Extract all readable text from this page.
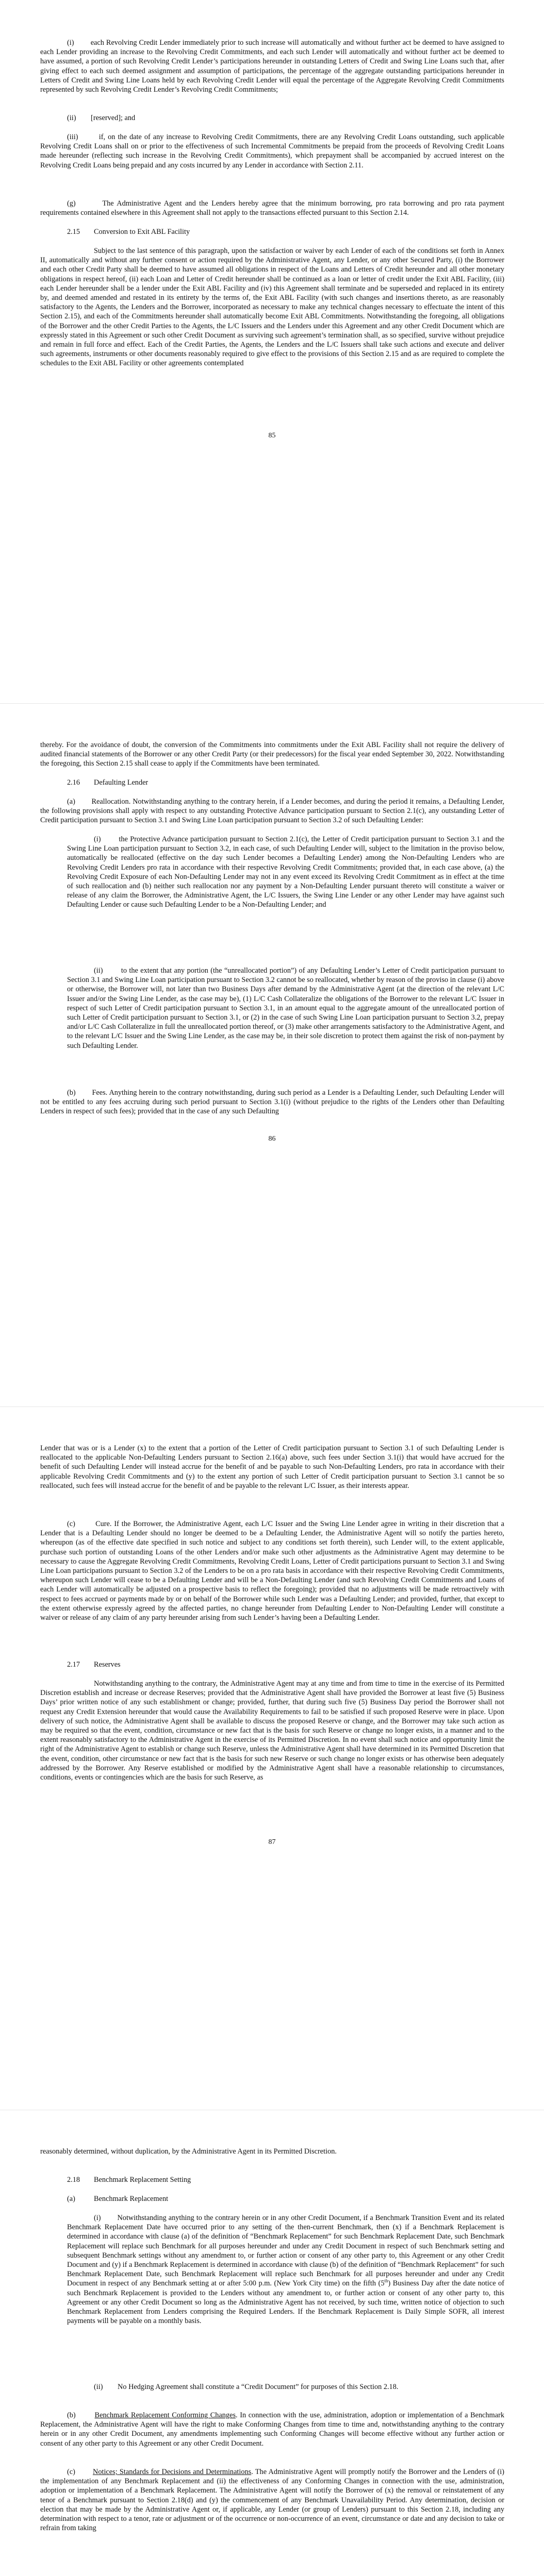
(i)        each Revolving Credit Lender immediately prior to such increase will automatically and without further act be deemed to have assigned to each Lender providing an increase to the Revolving Credit Commitments, and each such Lender will automatically and without further act be deemed to have assumed, a portion of such Revolving Credit Lender’s participations hereunder in outstanding Letters of Credit and Swing Line Loans such that, after giving effect to each such deemed assignment and assumption of participations, the percentage of the aggregate outstanding participations hereunder in Letters of Credit and Swing Line Loans held by each Revolving Credit Lender will equal the percentage of the Aggregate Revolving Credit Commitments represented by such Revolving Credit Lender’s Revolving Credit Commitments;

(ii)        [reserved]; and

(iii)        if, on the date of any increase to Revolving Credit Commitments, there are any Revolving Credit Loans outstanding, such applicable Revolving Credit Loans shall on or prior to the effectiveness of such Incremental Commitments be prepaid from the proceeds of Revolving Credit Loans made hereunder (reflecting such increase in the Revolving Credit Commitments), which prepayment shall be accompanied by accrued interest on the Revolving Credit Loans being prepaid and any costs incurred by any Lender in accordance with Section 2.11.

(g)        The Administrative Agent and the Lenders hereby agree that the minimum borrowing, pro rata borrowing and pro rata payment requirements contained elsewhere in this Agreement shall not apply to the transactions effected pursuant to this Section 2.14.

2.15 Conversion to Exit ABL Facility

Subject to the last sentence of this paragraph, upon the satisfaction or waiver by each Lender of each of the conditions set forth in Annex II, automatically and without any further consent or action required by the Administrative Agent, any Lender, or any other Secured Party, (i) the Borrower and each other Credit Party shall be deemed to have assumed all obligations in respect of the Loans and Letters of Credit hereunder and all other monetary obligations in respect hereof, (ii) each Loan and Letter of Credit hereunder shall be continued as a loan or letter of credit under the Exit ABL Facility, (iii) each Lender hereunder shall be a lender under the Exit ABL Facility and (iv) this Agreement shall terminate and be superseded and replaced in its entirety by, and deemed amended and restated in its entirety by the terms of, the Exit ABL Facility (with such changes and insertions thereto, as are reasonably satisfactory to the Agents, the Lenders and the Borrower, incorporated as necessary to make any technical changes necessary to effectuate the intent of this Section 2.15), and each of the Commitments hereunder shall automatically become Exit ABL Commitments. Notwithstanding the foregoing, all obligations of the Borrower and the other Credit Parties to the Agents, the L/C Issuers and the Lenders under this Agreement and any other Credit Document which are expressly stated in this Agreement or such other Credit Document as surviving such agreement’s termination shall, as so specified, survive without prejudice and remain in full force and effect. Each of the Credit Parties, the Agents, the Lenders and the L/C Issuers shall take such actions and execute and deliver such agreements, instruments or other documents reasonably required to give effect to the provisions of this Section 2.15 and as are required to complete the schedules to the Exit ABL Facility or other agreements contemplated

85

thereby. For the avoidance of doubt, the conversion of the Commitments into commitments under the Exit ABL Facility shall not require the delivery of audited financial statements of the Borrower or any other Credit Party (or their predecessors) for the fiscal year ended September 30, 2022. Notwithstanding the foregoing, this Section 2.15 shall cease to apply if the Commitments have been terminated.

2.16 Defaulting Lender

(a)        Reallocation. Notwithstanding anything to the contrary herein, if a Lender becomes, and during the period it remains, a Defaulting Lender, the following provisions shall apply with respect to any outstanding Protective Advance participation pursuant to Section 2.1(c), any outstanding Letter of Credit participation pursuant to Section 3.1 and Swing Line Loan participation pursuant to Section 3.2 of such Defaulting Lender:

(i)        the Protective Advance participation pursuant to Section 2.1(c), the Letter of Credit participation pursuant to Section 3.1 and the Swing Line Loan participation pursuant to Section 3.2, in each case, of such Defaulting Lender will, subject to the limitation in the proviso below, automatically be reallocated (effective on the day such Lender becomes a Defaulting Lender) among the Non-Defaulting Lenders who are Revolving Credit Lenders pro rata in accordance with their respective Revolving Credit Commitments; provided that, in each case above, (a) the Revolving Credit Exposure of each Non-Defaulting Lender may not in any event exceed its Revolving Credit Commitment as in effect at the time of such reallocation and (b) neither such reallocation nor any payment by a Non-Defaulting Lender pursuant thereto will constitute a waiver or release of any claim the Borrower, the Administrative Agent, the L/C Issuers, the Swing Line Lender or any other Lender may have against such Defaulting Lender or cause such Defaulting Lender to be a Non-Defaulting Lender; and

(ii)        to the extent that any portion (the “unreallocated portion”) of any Defaulting Lender’s Letter of Credit participation pursuant to Section 3.1 and Swing Line Loan participation pursuant to Section 3.2 cannot be so reallocated, whether by reason of the proviso in clause (i) above or otherwise, the Borrower will, not later than two Business Days after demand by the Administrative Agent (at the direction of the relevant L/C Issuer and/or the Swing Line Lender, as the case may be), (1) L/C Cash Collateralize the obligations of the Borrower to the relevant L/C Issuer in respect of such Letter of Credit participation pursuant to Section 3.1, in an amount equal to the aggregate amount of the unreallocated portion of such Letter of Credit participation pursuant to Section 3.1, or (2) in the case of such Swing Line Loan participation pursuant to Section 3.2, prepay and/or L/C Cash Collateralize in full the unreallocated portion thereof, or (3) make other arrangements satisfactory to the Administrative Agent, and to the relevant L/C Issuer and the Swing Line Lender, as the case may be, in their sole discretion to protect them against the risk of non-payment by such Defaulting Lender.

(b)        Fees. Anything herein to the contrary notwithstanding, during such period as a Lender is a Defaulting Lender, such Defaulting Lender will not be entitled to any fees accruing during such period pursuant to Section 3.1(i) (without prejudice to the rights of the Lenders other than Defaulting Lenders in respect of such fees); provided that in the case of any such Defaulting

86

Lender that was or is a Lender (x) to the extent that a portion of the Letter of Credit participation pursuant to Section 3.1 of such Defaulting Lender is reallocated to the applicable Non-Defaulting Lenders pursuant to Section 2.16(a) above, such fees under Section 3.1(i) that would have accrued for the benefit of such Defaulting Lender will instead accrue for the benefit of and be payable to such Non-Defaulting Lenders, pro rata in accordance with their applicable Revolving Credit Commitments and (y) to the extent any portion of such Letter of Credit participation pursuant to Section 3.1 cannot be so reallocated, such fees will instead accrue for the benefit of and be payable to the relevant L/C Issuer, as their interests appear.

(c)        Cure. If the Borrower, the Administrative Agent, each L/C Issuer and the Swing Line Lender agree in writing in their discretion that a Lender that is a Defaulting Lender should no longer be deemed to be a Defaulting Lender, the Administrative Agent will so notify the parties hereto, whereupon (as of the effective date specified in such notice and subject to any conditions set forth therein), such Lender will, to the extent applicable, purchase such portion of outstanding Loans of the other Lenders and/or make such other adjustments as the Administrative Agent may determine to be necessary to cause the Aggregate Revolving Credit Commitments, Revolving Credit Loans, Letter of Credit participations pursuant to Section 3.1 and Swing Line Loan participations pursuant to Section 3.2 of the Lenders to be on a pro rata basis in accordance with their respective Revolving Credit Commitments, whereupon such Lender will cease to be a Defaulting Lender and will be a Non-Defaulting Lender (and such Revolving Credit Commitments and Loans of each Lender will automatically be adjusted on a prospective basis to reflect the foregoing); provided that no adjustments will be made retroactively with respect to fees accrued or payments made by or on behalf of the Borrower while such Lender was a Defaulting Lender; and provided, further, that except to the extent otherwise expressly agreed by the affected parties, no change hereunder from Defaulting Lender to Non-Defaulting Lender will constitute a waiver or release of any claim of any party hereunder arising from such Lender’s having been a Defaulting Lender.

2.17 Reserves

Notwithstanding anything to the contrary, the Administrative Agent may at any time and from time to time in the exercise of its Permitted Discretion establish and increase or decrease Reserves; provided that the Administrative Agent shall have provided the Borrower at least five (5) Business Days’ prior written notice of any such establishment or change; provided, further, that during such five (5) Business Day period the Borrower shall not request any Credit Extension hereunder that would cause the Availability Requirements to fail to be satisfied if such proposed Reserve were in place. Upon delivery of such notice, the Administrative Agent shall be available to discuss the proposed Reserve or change, and the Borrower may take such action as may be required so that the event, condition, circumstance or new fact that is the basis for such Reserve or change no longer exists, in a manner and to the extent reasonably satisfactory to the Administrative Agent in the exercise of its Permitted Discretion. In no event shall such notice and opportunity limit the right of the Administrative Agent to establish or change such Reserve, unless the Administrative Agent shall have determined in its Permitted Discretion that the event, condition, other circumstance or new fact that is the basis for such new Reserve or such change no longer exists or has otherwise been adequately addressed by the Borrower. Any Reserve established or modified by the Administrative Agent shall have a reasonable relationship to circumstances, conditions, events or contingencies which are the basis for such Reserve, as

87

reasonably determined, without duplication, by the Administrative Agent in its Permitted Discretion.

2.18 Benchmark Replacement Setting
(a)	Benchmark Replacement

(i)        Notwithstanding anything to the contrary herein or in any other Credit Document, if a Benchmark Transition Event and its related Benchmark Replacement Date have occurred prior to any setting of the then-current Benchmark, then (x) if a Benchmark Replacement is determined in accordance with clause (a) of the definition of “Benchmark Replacement” for such Benchmark Replacement Date, such Benchmark Replacement will replace such Benchmark for all purposes hereunder and under any Credit Document in respect of such Benchmark setting and subsequent Benchmark settings without any amendment to, or further action or consent of any other party to, this Agreement or any other Credit Document and (y) if a Benchmark Replacement is determined in accordance with clause (b) of the definition of “Benchmark Replacement” for such Benchmark Replacement Date, such Benchmark Replacement will replace such Benchmark for all purposes hereunder and under any Credit Document in respect of any Benchmark setting at or after 5:00 p.m. (New York City time) on the fifth (5th) Business Day after the date notice of such Benchmark Replacement is provided to the Lenders without any amendment to, or further action or consent of any other party to, this Agreement or any other Credit Document so long as the Administrative Agent has not received, by such time, written notice of objection to such Benchmark Replacement from Lenders comprising the Required Lenders. If the Benchmark Replacement is Daily Simple SOFR, all interest payments will be payable on a monthly basis.

(ii)        No Hedging Agreement shall constitute a “Credit Document” for purposes of this Section 2.18.

(b)        Benchmark Replacement Conforming Changes. In connection with the use, administration, adoption or implementation of a Benchmark Replacement, the Administrative Agent will have the right to make Conforming Changes from time to time and, notwithstanding anything to the contrary herein or in any other Credit Document, any amendments implementing such Conforming Changes will become effective without any further action or consent of any other party to this Agreement or any other Credit Document.

(c)        Notices; Standards for Decisions and Determinations. The Administrative Agent will promptly notify the Borrower and the Lenders of (i) the implementation of any Benchmark Replacement and (ii) the effectiveness of any Conforming Changes in connection with the use, administration, adoption or implementation of a Benchmark Replacement. The Administrative Agent will notify the Borrower of (x) the removal or reinstatement of any tenor of a Benchmark pursuant to Section 2.18(d) and (y) the commencement of any Benchmark Unavailability Period. Any determination, decision or election that may be made by the Administrative Agent or, if applicable, any Lender (or group of Lenders) pursuant to this Section 2.18, including any determination with respect to a tenor, rate or adjustment or of the occurrence or non-occurrence of an event, circumstance or date and any decision to take or refrain from taking
